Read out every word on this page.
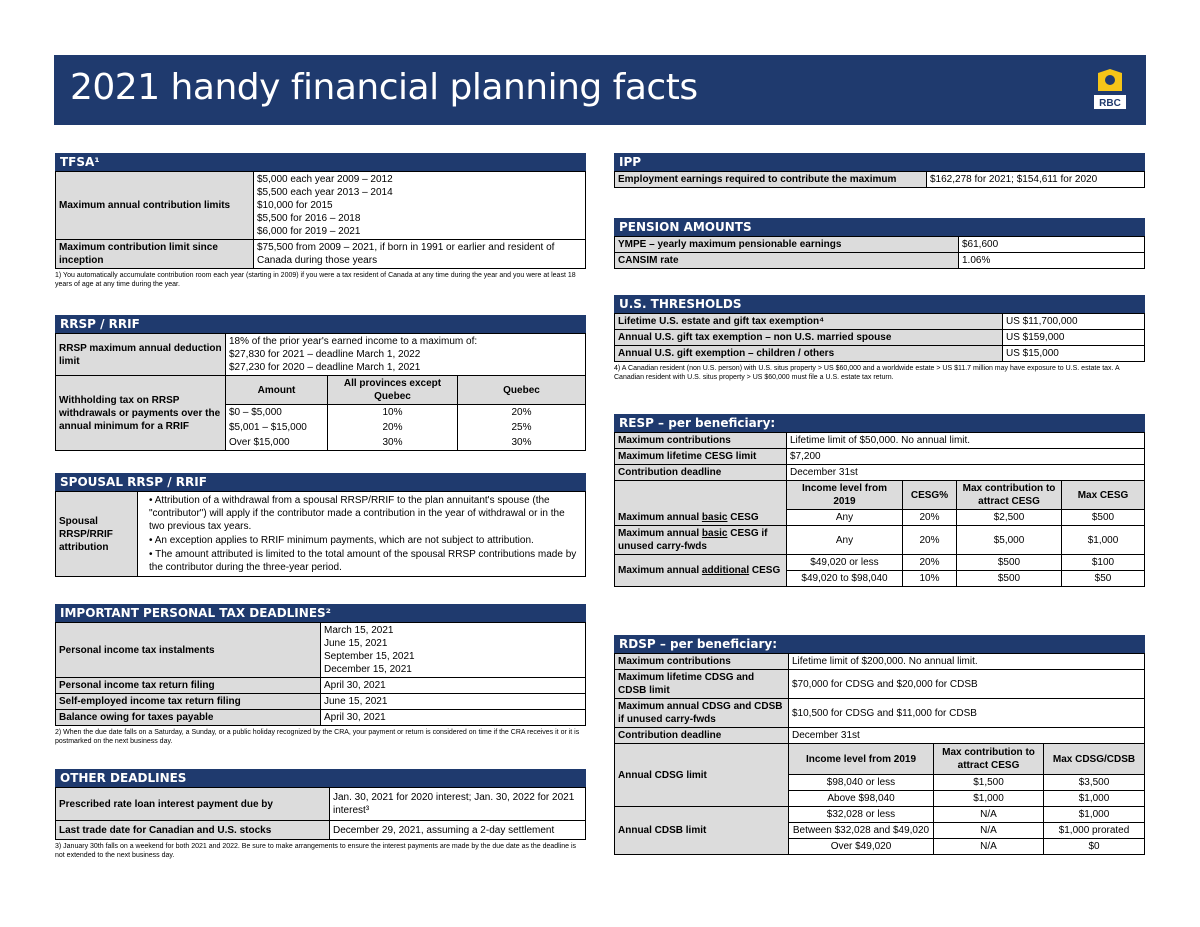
2021 handy financial planning facts	RBC
TFSA¹
Maximum annual contribution limits	$5,000 each year 2009 – 2012
$5,500 each year 2013 – 2014
$10,000 for 2015
$5,500 for 2016 – 2018
$6,000 for 2019 – 2021

Maximum contribution limit since inception	$75,500 from 2009 – 2021, if born in 1991 or earlier and resident of Canada during those years
1) You automatically accumulate contribution room each year (starting in 2009) if you were a tax resident of Canada at any time during the year and you were at least 18 years of age at any time during the year.
RRSP / RRIF
RRSP maximum annual deduction limit	18% of the prior year's earned income to a maximum of:
$27,830 for 2021 – deadline March 1, 2022
$27,230 for 2020 – deadline March 1, 2021		

Withholding tax on RRSP withdrawals or payments over the annual minimum for a RRIF	Amount	All provinces except Quebec	Quebec
	$0 – $5,000	10%	20%
	$5,001 – $15,000	20%	25%
	Over $15,000	30%	30%
SPOUSAL RRSP / RRIF
Spousal RRSP/RRIF attribution	
• Attribution of a withdrawal from a spousal RRSP/RRIF to the plan annuitant's spouse (the "contributor") will apply if the contributor made a contribution in the year of withdrawal or in the two previous tax years.
• An exception applies to RRIF minimum payments, which are not subject to attribution.
• The amount attributed is limited to the total amount of the spousal RRSP contributions made by the contributor during the three-year period.
IMPORTANT PERSONAL TAX DEADLINES²
Personal income tax instalments	March 15, 2021
June 15, 2021
September 15, 2021
December 15, 2021

Personal income tax return filing	April 30, 2021
Self-employed income tax return filing	June 15, 2021
Balance owing for taxes payable	April 30, 2021
2) When the due date falls on a Saturday, a Sunday, or a public holiday recognized by the CRA, your payment or return is considered on time if the CRA receives it or it is postmarked on the next business day.
OTHER DEADLINES
Prescribed rate loan interest payment due by	Jan. 30, 2021 for 2020 interest; Jan. 30, 2022 for 2021 interest³
Last trade date for Canadian and U.S. stocks	December 29, 2021, assuming a 2-day settlement
3) January 30th falls on a weekend for both 2021 and 2022. Be sure to make arrangements to ensure the interest payments are made by the due date as the deadline is not extended to the next business day.
IPP
Employment earnings required to contribute the maximum	$162,278 for 2021; $154,611 for 2020
PENSION AMOUNTS
YMPE – yearly maximum pensionable earnings	$61,600
CANSIM rate	1.06%
U.S. THRESHOLDS
Lifetime U.S. estate and gift tax exemption⁴	US $11,700,000
Annual U.S. gift tax exemption – non U.S. married spouse	US $159,000
Annual U.S. gift exemption – children / others	US $15,000
4) A Canadian resident (non U.S. person) with U.S. situs property > US $60,000 and a worldwide estate > US $11.7 million may have exposure to U.S. estate tax. A Canadian resident with U.S. situs property > US $60,000 must file a U.S. estate tax return.
RESP – per beneficiary:
Maximum contributions	Lifetime limit of $50,000. No annual limit.			
Maximum lifetime CESG limit	$7,200			
Contribution deadline	December 31st			
	Income level from 2019	CESG%	Max contribution to attract CESG	Max CESG
Maximum annual basic CESG	Any	20%	$2,500	$500
Maximum annual basic CESG if unused carry-fwds	Any	20%	$5,000	$1,000
Maximum annual additional CESG	$49,020 or less	20%	$500	$100
	$49,020 to $98,040	10%	$500	$50
RDSP – per beneficiary:
Maximum contributions	Lifetime limit of $200,000. No annual limit.		
Maximum lifetime CDSG and CDSB limit	$70,000 for CDSG and $20,000 for CDSB		
Maximum annual CDSG and CDSB if unused carry-fwds	$10,500 for CDSG and $11,000 for CDSB		
Contribution deadline	December 31st		
Annual CDSG limit	Income level from 2019	Max contribution to attract CESG	Max CDSG/CDSB
	$98,040 or less	$1,500	$3,500
	Above $98,040	$1,000	$1,000
Annual CDSB limit	$32,028 or less	N/A	$1,000
	Between $32,028 and $49,020	N/A	$1,000 prorated
	Over $49,020	N/A	$0
